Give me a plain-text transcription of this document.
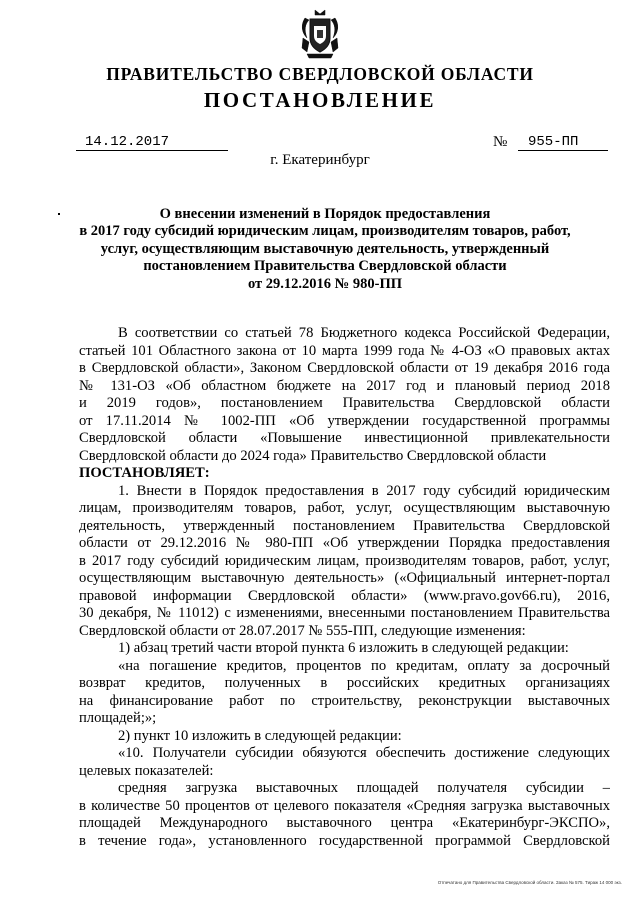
ПРАВИТЕЛЬСТВО СВЕРДЛОВСКОЙ ОБЛАСТИ
ПОСТАНОВЛЕНИЕ
14.12.2017	№	955-ПП
г. Екатеринбург
О внесении изменений в Порядок предоставления
в 2017 году субсидий юридическим лицам, производителям товаров, работ,
услуг, осуществляющим выставочную деятельность, утвержденный
постановлением Правительства Свердловской области
от 29.12.2016 № 980-ПП
В соответствии со статьей 78 Бюджетного кодекса Российской Федерации,
статьей 101 Областного закона от 10 марта 1999 года № 4-ОЗ «О правовых актах
в Свердловской области», Законом Свердловской области от 19 декабря 2016 года
№ 131-ОЗ «Об областном бюджете на 2017 год и плановый период 2018
и 2019 годов», постановлением Правительства Свердловской области
от 17.11.2014 № 1002-ПП «Об утверждении государственной программы
Свердловской области «Повышение инвестиционной привлекательности
Свердловской области до 2024 года» Правительство Свердловской области
ПОСТАНОВЛЯЕТ:
1. Внести в Порядок предоставления в 2017 году субсидий юридическим
лицам, производителям товаров, работ, услуг, осуществляющим выставочную
деятельность, утвержденный постановлением Правительства Свердловской
области от 29.12.2016 № 980-ПП «Об утверждении Порядка предоставления
в 2017 году субсидий юридическим лицам, производителям товаров, работ, услуг,
осуществляющим выставочную деятельность» («Официальный интернет-портал
правовой информации Свердловской области» (www.pravo.gov66.ru), 2016,
30 декабря, № 11012) с изменениями, внесенными постановлением Правительства
Свердловской области от 28.07.2017 № 555-ПП, следующие изменения:
1) абзац третий части второй пункта 6 изложить в следующей редакции:
«на погашение кредитов, процентов по кредитам, оплату за досрочный
возврат кредитов, полученных в российских кредитных организациях
на финансирование работ по строительству, реконструкции выставочных
площадей;»;
2) пункт 10 изложить в следующей редакции:
«10. Получатели субсидии обязуются обеспечить достижение следующих
целевых показателей:
средняя загрузка выставочных площадей получателя субсидии –
в количестве 50 процентов от целевого показателя «Средняя загрузка выставочных
площадей Международного выставочного центра «Екатеринбург-ЭКСПО»,
в течение года», установленного государственной программой Свердловской
Отпечатано для Правительства Свердловской области. Заказ № 575. Тираж 14 000 экз.
